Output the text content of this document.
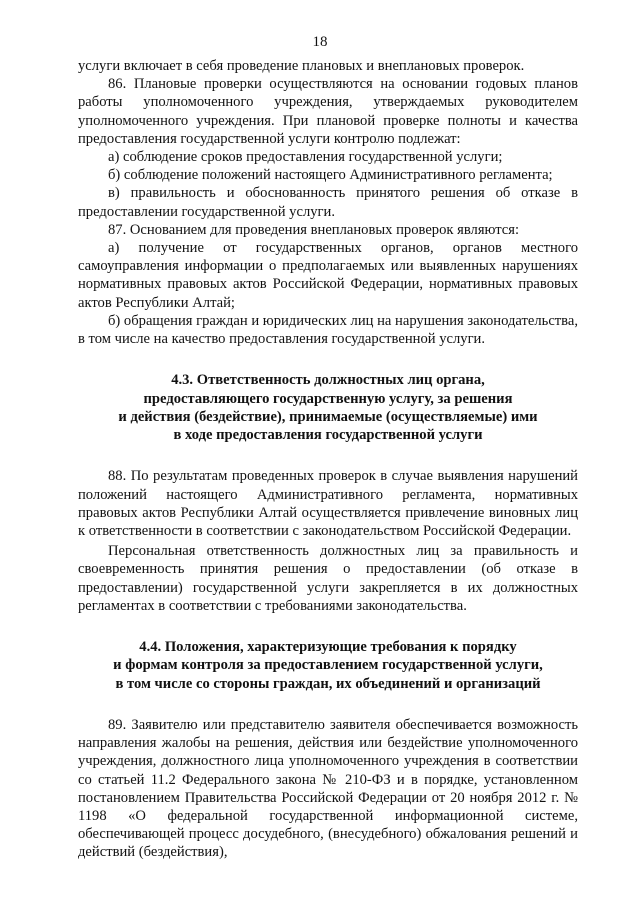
18

услуги включает в себя проведение плановых и внеплановых проверок.

86. Плановые проверки осуществляются на основании годовых планов работы уполномоченного учреждения, утверждаемых руководителем уполномоченного учреждения. При плановой проверке полноты и качества предоставления государственной услуги контролю подлежат:

а) соблюдение сроков предоставления государственной услуги;

б) соблюдение положений настоящего Административного регламента;

в) правильность и обоснованность принятого решения об отказе в предоставлении государственной услуги.

87. Основанием для проведения внеплановых проверок являются:

а) получение от государственных органов, органов местного самоуправления информации о предполагаемых или выявленных нарушениях нормативных правовых актов Российской Федерации, нормативных правовых актов Республики Алтай;

б) обращения граждан и юридических лиц на нарушения законодательства, в том числе на качество предоставления государственной услуги.

4.3. Ответственность должностных лиц органа,

предоставляющего государственную услугу, за решения

и действия (бездействие), принимаемые (осуществляемые) ими

в ходе предоставления государственной услуги

88. По результатам проведенных проверок в случае выявления нарушений положений настоящего Административного регламента, нормативных правовых актов Республики Алтай осуществляется привлечение виновных лиц к ответственности в соответствии с законодательством Российской Федерации.

Персональная ответственность должностных лиц за правильность и своевременность принятия решения о предоставлении (об отказе в предоставлении) государственной услуги закрепляется в их должностных регламентах в соответствии с требованиями законодательства.

4.4. Положения, характеризующие требования к порядку

и формам контроля за предоставлением государственной услуги,

в том числе со стороны граждан, их объединений и организаций

89. Заявителю или представителю заявителя обеспечивается возможность направления жалобы на решения, действия или бездействие уполномоченного учреждения, должностного лица уполномоченного учреждения в соответствии со статьей 11.2 Федерального закона № 210-ФЗ и в порядке, установленном постановлением Правительства Российской Федерации от 20 ноября 2012 г. № 1198 «О федеральной государственной информационной системе, обеспечивающей процесс досудебного, (внесудебного) обжалования решений и действий (бездействия),
